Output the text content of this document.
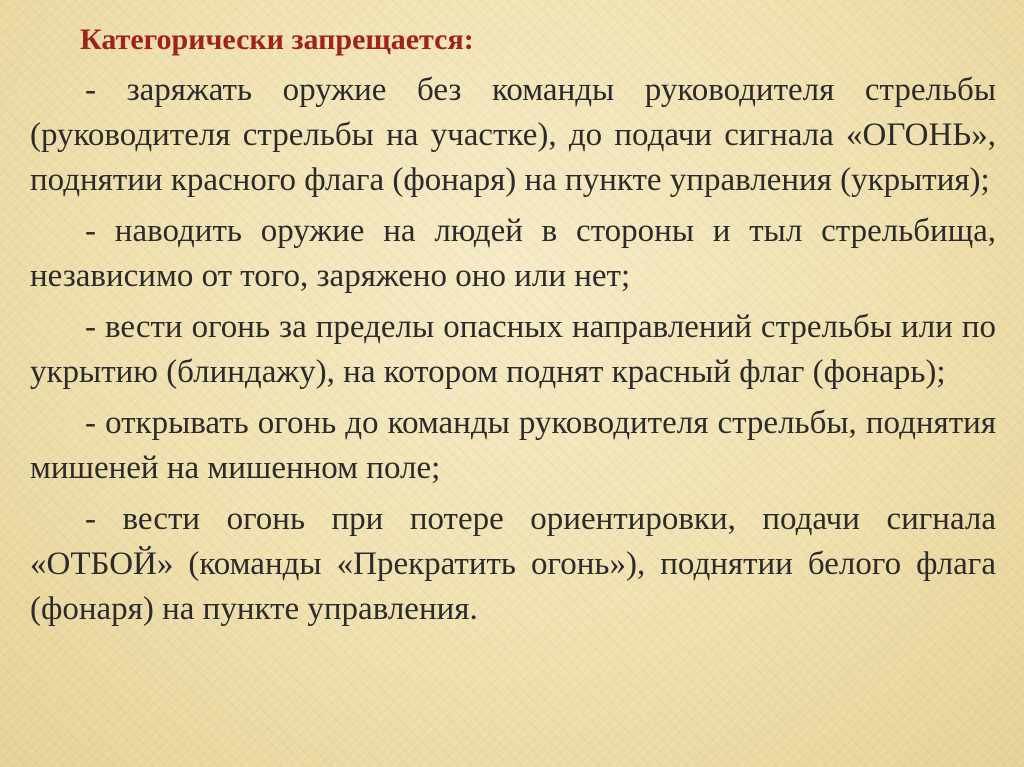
Категорически запрещается:
- заряжать оружие без команды руководителя стрельбы (руководителя стрельбы на участке), до подачи сигнала «ОГОНЬ», поднятии красного флага (фонаря) на пункте управления (укрытия);
- наводить оружие на людей в стороны и тыл стрельбища, независимо от того, заряжено оно или нет;
- вести огонь за пределы опасных направлений стрельбы или по укрытию (блиндажу), на котором поднят красный флаг (фонарь);
- открывать огонь до команды руководителя стрельбы, поднятия мишеней на мишенном поле;
- вести огонь при потере ориентировки, подачи сигнала «ОТБОЙ» (команды «Прекратить огонь»), поднятии белого флага (фонаря) на пункте управления.
